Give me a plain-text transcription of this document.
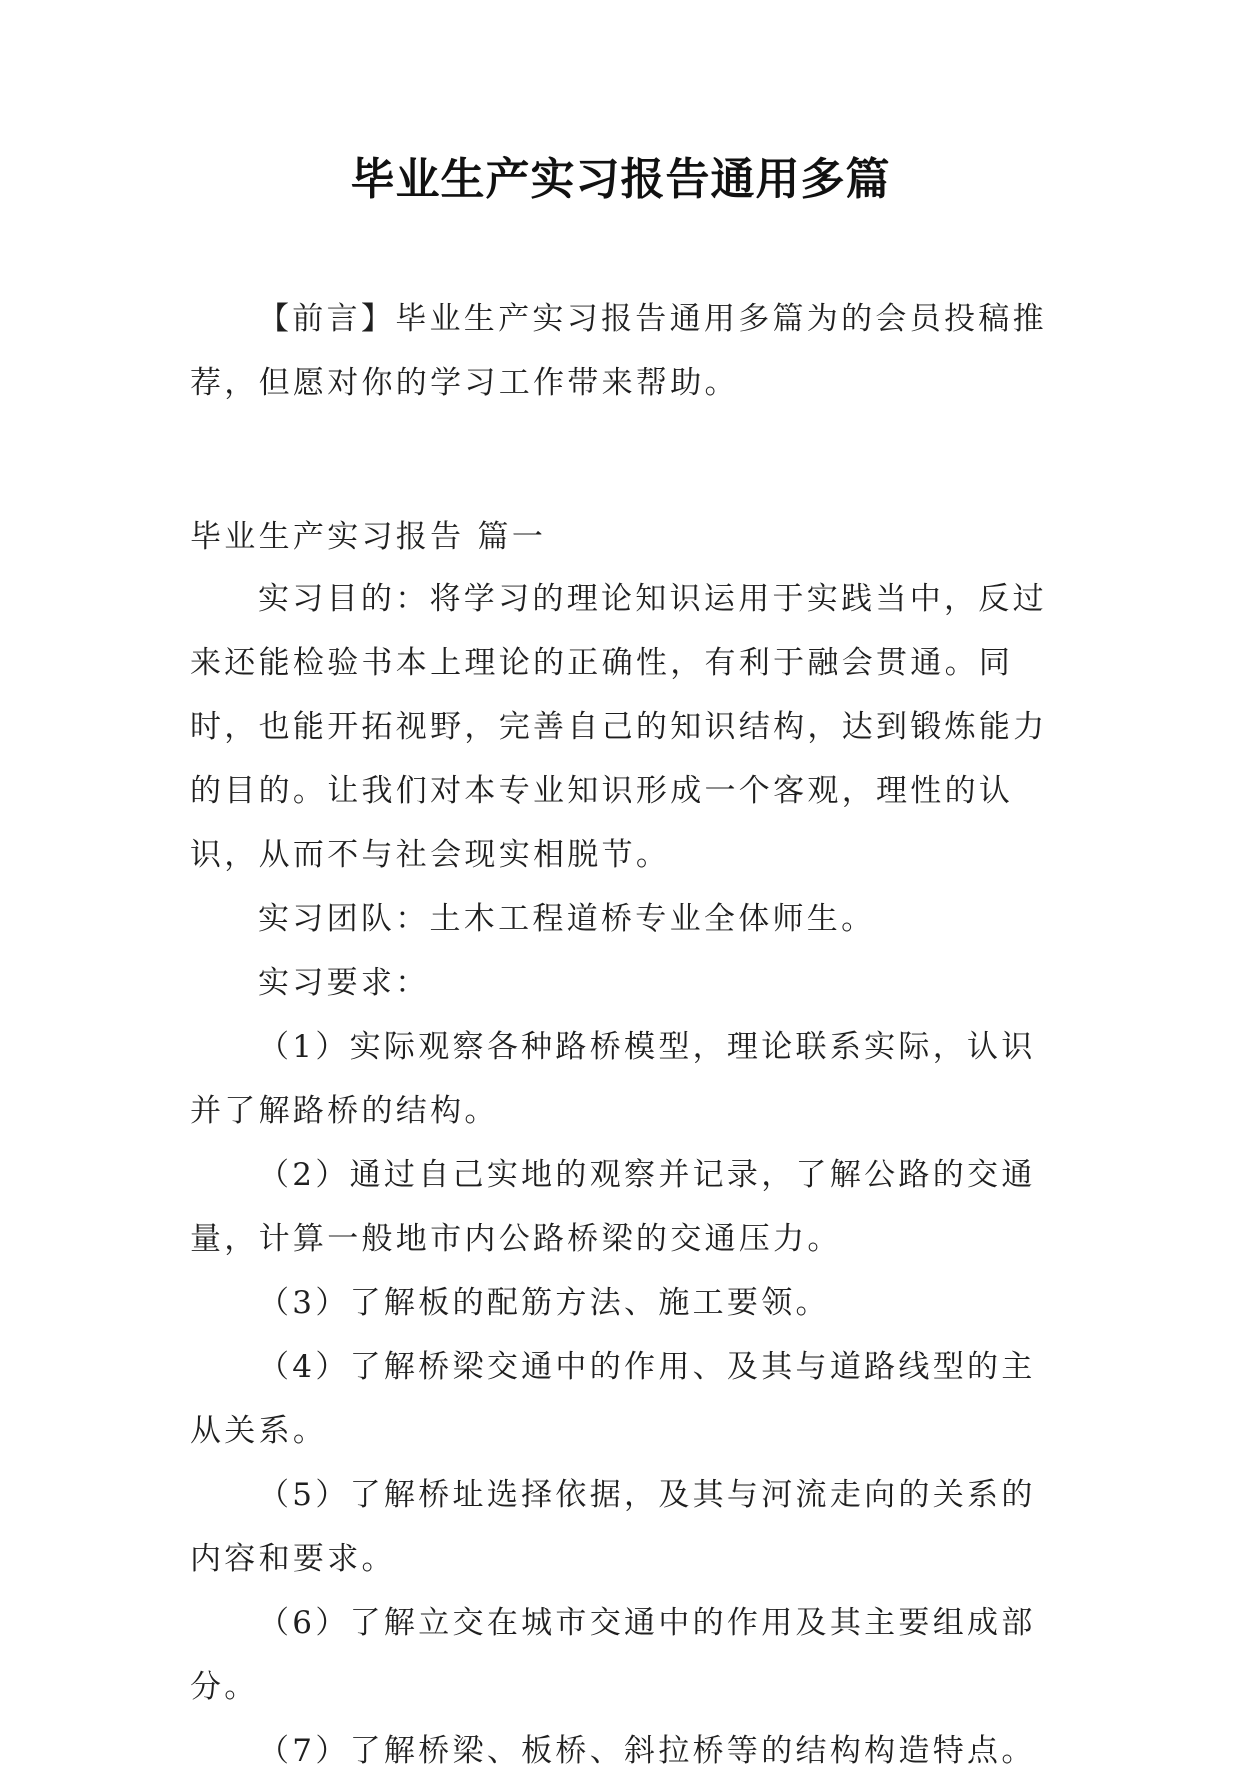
毕业生产实习报告通用多篇

【前言】毕业生产实习报告通用多篇为的会员投稿推荐，但愿对你的学习工作带来帮助。

毕业生产实习报告 篇一

实习目的：将学习的理论知识运用于实践当中，反过来还能检验书本上理论的正确性，有利于融会贯通。同时，也能开拓视野，完善自己的知识结构，达到锻炼能力的目的。让我们对本专业知识形成一个客观，理性的认识，从而不与社会现实相脱节。

实习团队：土木工程道桥专业全体师生。

实习要求：

（1）实际观察各种路桥模型，理论联系实际，认识并了解路桥的结构。

（2）通过自己实地的观察并记录，了解公路的交通量，计算一般地市内公路桥梁的交通压力。

（3）了解板的配筋方法、施工要领。

（4）了解桥梁交通中的作用、及其与道路线型的主从关系。

（5）了解桥址选择依据，及其与河流走向的关系的内容和要求。

（6）了解立交在城市交通中的作用及其主要组成部分。

（7）了解桥梁、板桥、斜拉桥等的结构构造特点。
